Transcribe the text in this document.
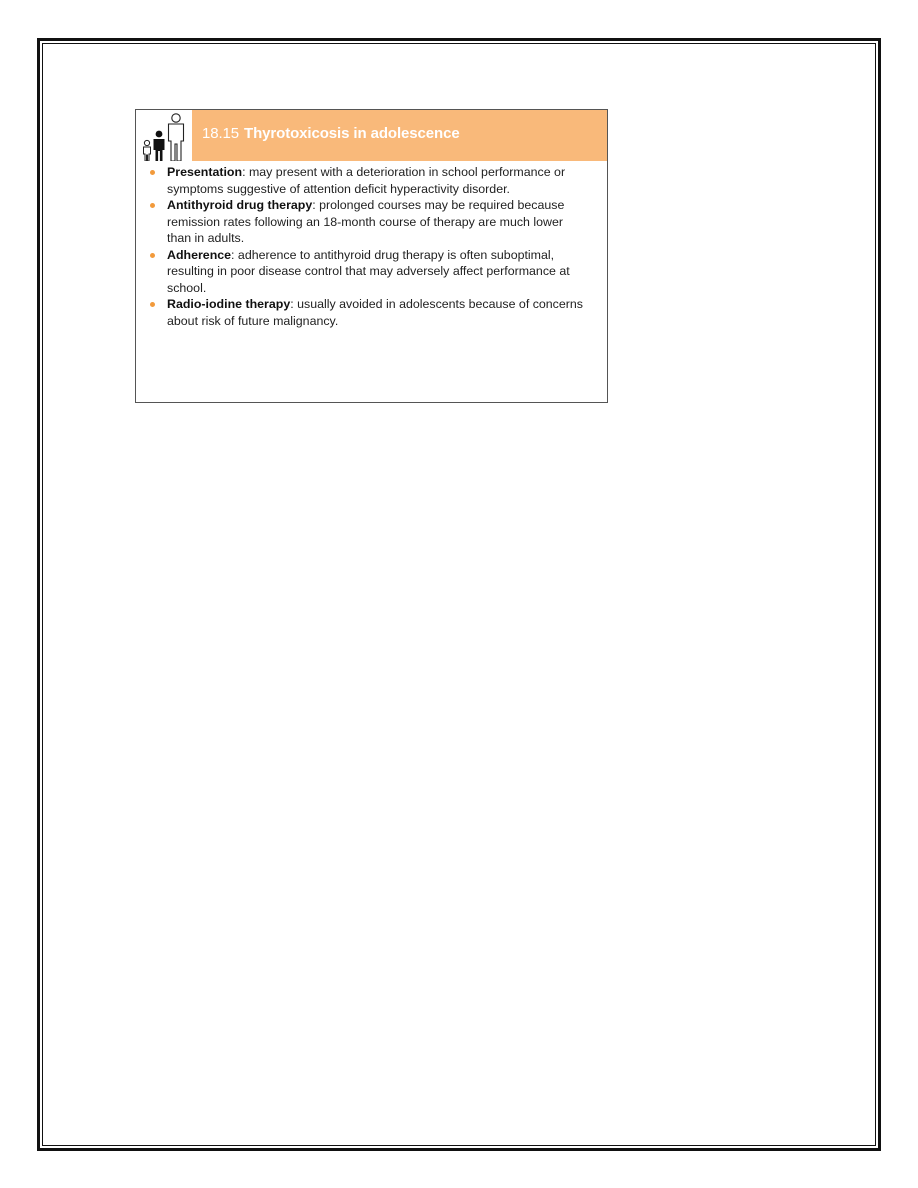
18.15 Thyrotoxicosis in adolescence
Presentation: may present with a deterioration in school performance or symptoms suggestive of attention deficit hyperactivity disorder.
Antithyroid drug therapy: prolonged courses may be required because remission rates following an 18-month course of therapy are much lower than in adults.
Adherence: adherence to antithyroid drug therapy is often suboptimal, resulting in poor disease control that may adversely affect performance at school.
Radio-iodine therapy: usually avoided in adolescents because of concerns about risk of future malignancy.
